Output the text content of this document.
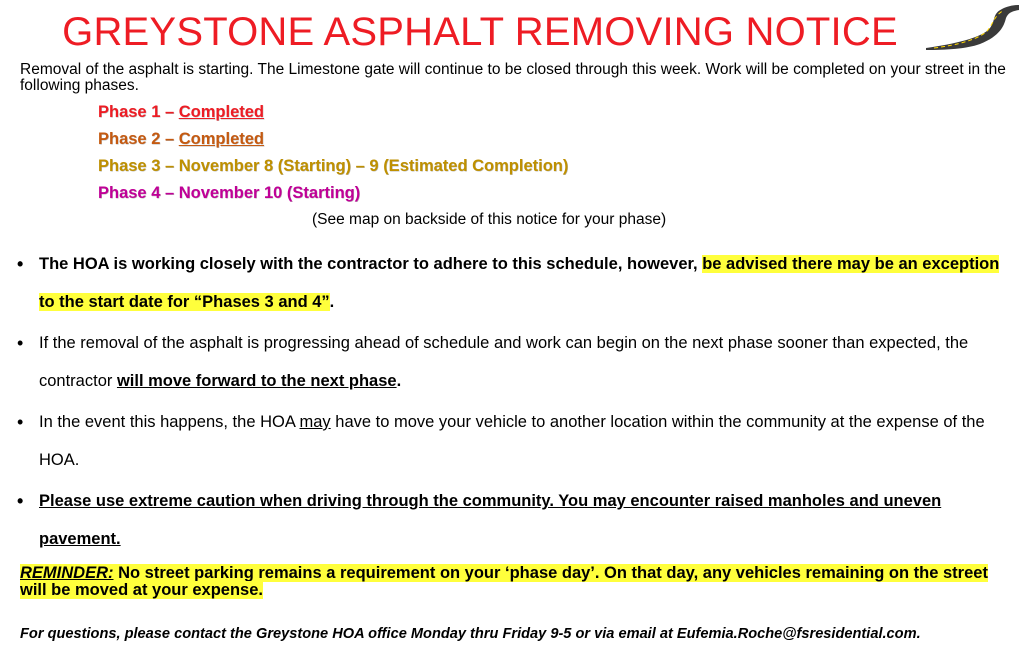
GREYSTONE ASPHALT REMOVING NOTICE
Removal of the asphalt is starting. The Limestone gate will continue to be closed through this week. Work will be completed on your street in the following phases.
Phase 1 – Completed
Phase 2 – Completed
Phase 3 – November 8 (Starting) – 9 (Estimated Completion)
Phase 4 – November 10 (Starting)
(See map on backside of this notice for your phase)
• The HOA is working closely with the contractor to adhere to this schedule, however, be advised there may be an exception to the start date for “Phases 3 and 4”.
• If the removal of the asphalt is progressing ahead of schedule and work can begin on the next phase sooner than expected, the contractor will move forward to the next phase.
• In the event this happens, the HOA may have to move your vehicle to another location within the community at the expense of the HOA.
• Please use extreme caution when driving through the community. You may encounter raised manholes and uneven pavement.
REMINDER: No street parking remains a requirement on your ‘phase day’. On that day, any vehicles remaining on the street will be moved at your expense.
For questions, please contact the Greystone HOA office Monday thru Friday 9-5 or via email at Eufemia.Roche@fsresidential.com.
